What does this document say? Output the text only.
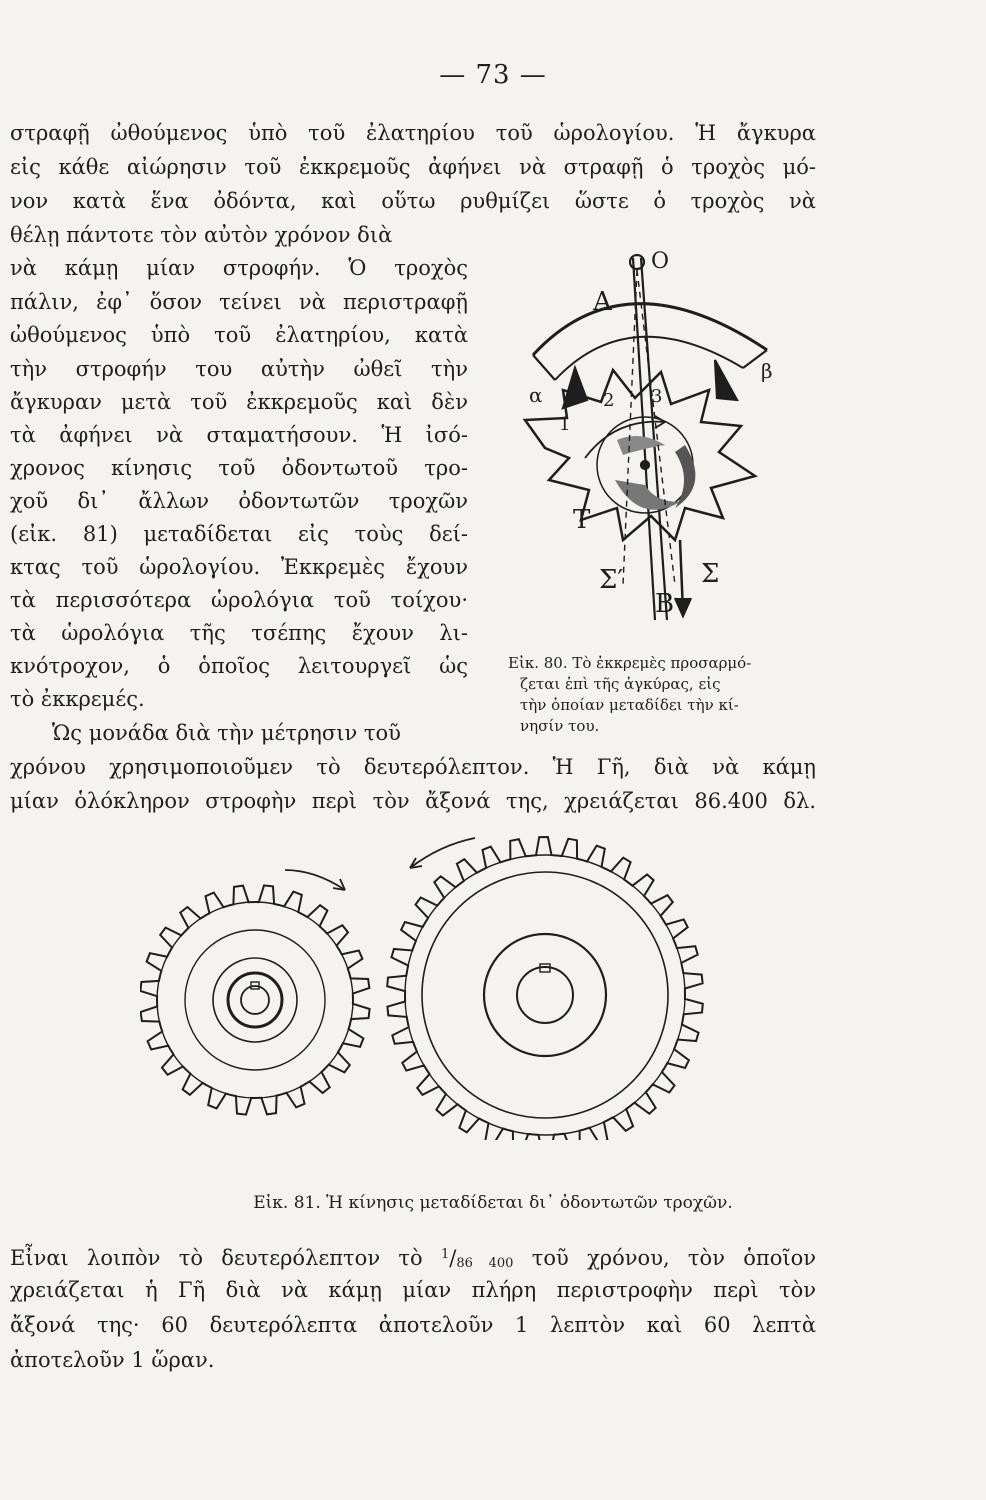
— 73 —
στραφῇ ὠθούμενος ὑπὸ τοῦ ἐλατηρίου τοῦ ὡρολογίου. Ἡ ἄγκυρα
εἰς κάθε αἰώρησιν τοῦ ἐκκρεμοῦς ἀφήνει νὰ στραφῇ ὁ τροχὸς μό-
νον κατὰ ἕνα ὀδόντα, καὶ οὕτω ρυθμίζει ὥστε ὁ τροχὸς νὰ
θέλῃ πάντοτε τὸν αὐτὸν χρόνον διὰ
νὰ κάμῃ μίαν στροφήν. Ὁ τροχὸς
πάλιν, ἐφ᾽ ὅσον τείνει νὰ περιστραφῇ
ὠθούμενος ὑπὸ τοῦ ἐλατηρίου, κατὰ
τὴν στροφήν του αὐτὴν ὠθεῖ τὴν
ἄγκυραν μετὰ τοῦ ἐκκρεμοῦς καὶ δὲν
τὰ ἀφήνει νὰ σταματήσουν. Ἡ ἰσό-
χρονος κίνησις τοῦ ὀδοντωτοῦ τρο-
χοῦ δι᾽ ἄλλων ὀδοντωτῶν τροχῶν
(εἰκ. 81) μεταδίδεται εἰς τοὺς δεί-
κτας τοῦ ὡρολογίου. Ἐκκρεμὲς ἔχουν
τὰ περισσότερα ὡρολόγια τοῦ τοίχου·
τὰ ὡρολόγια τῆς τσέπης ἔχουν λι-
κνότροχον, ὁ ὁποῖος λειτουργεῖ ὡς
τὸ ἐκκρεμές.
Ὡς μονάδα διὰ τὴν μέτρησιν τοῦ
χρόνου χρησιμοποιοῦμεν τὸ δευτερόλεπτον. Ἡ Γῆ, διὰ νὰ κάμῃ
μίαν ὁλόκληρον στροφὴν περὶ τὸν ἄξονά της, χρειάζεται 86.400 δλ.
O
A
α
β
1
2 3
T
Σ′	Σ
B
Εἰκ. 80. Τὸ ἐκκρεμὲς προσαρμό-
ζεται ἐπὶ τῆς ἀγκύρας, εἰς
τὴν ὁποίαν μεταδίδει τὴν κί-
νησίν του.
Εἰκ. 81. Ἡ κίνησις μεταδίδεται δι᾽ ὀδοντωτῶν τροχῶν.
Εἶναι λοιπὸν τὸ δευτερόλεπτον τὸ $^1$/86 400 τοῦ χρόνου, τὸν ὁποῖον
χρειάζεται ἡ Γῆ διὰ νὰ κάμῃ μίαν πλήρη περιστροφὴν περὶ τὸν
ἄξονά της· 60 δευτερόλεπτα ἀποτελοῦν 1 λεπτὸν καὶ 60 λεπτὰ
ἀποτελοῦν 1 ὥραν.
